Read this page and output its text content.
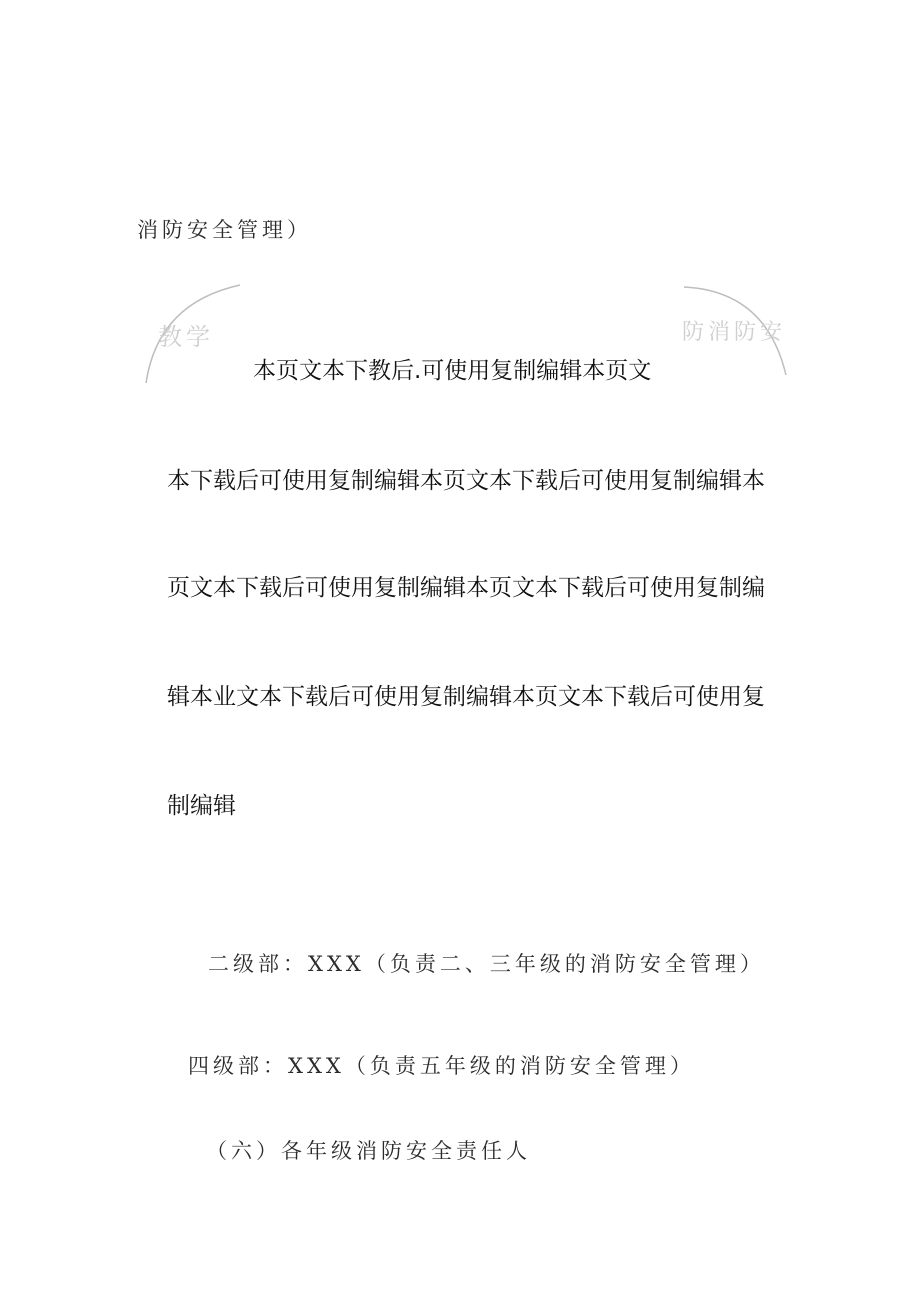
消防安全管理）
教学	防消防安
本页文本下教后.可使用复制编辑本页文
本下载后可使用复制编辑本页文本下载后可使用复制编辑本
页文本下载后可使用复制编辑本页文本下载后可使用复制编
辑本业文本下载后可使用复制编辑本页文本下载后可使用复
制编辑
二级部：XXX（负责二、三年级的消防安全管理）
四级部：XXX（负责五年级的消防安全管理）
（六）各年级消防安全责任人
